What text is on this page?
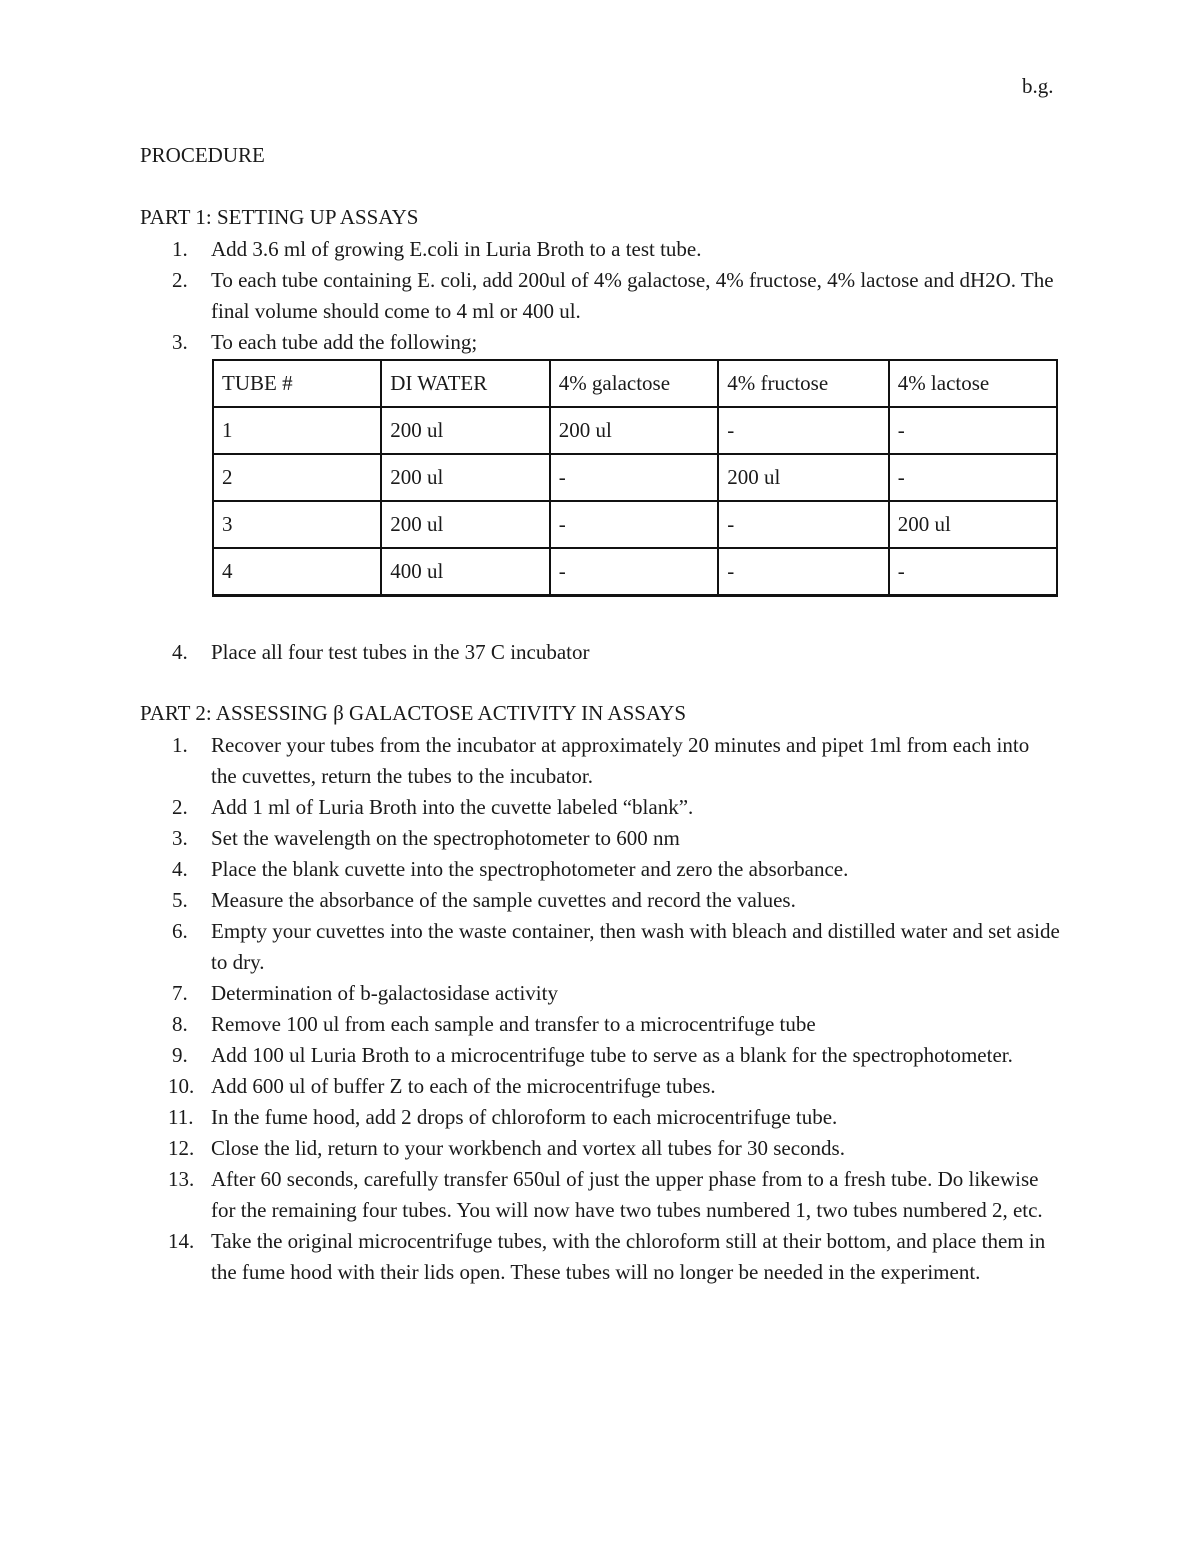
b.g.
PROCEDURE
PART 1: SETTING UP ASSAYS
1.	Add 3.6 ml of growing E.coli in Luria Broth to a test tube.
2.	To each tube containing E. coli, add 200ul of 4% galactose, 4% fructose, 4% lactose and dH2O. The final volume should come to 4 ml or 400 ul.
3.	To each tube add the following;
TUBE #	DI WATER	4% galactose	4% fructose	4% lactose
1	200 ul	200 ul	-	-
2	200 ul	-	200 ul	-
3	200 ul	-	-	200 ul
4	400 ul	-	-	-
4.	Place all four test tubes in the 37 C incubator
PART 2: ASSESSING β GALACTOSE ACTIVITY IN ASSAYS
1.	Recover your tubes from the incubator at approximately 20 minutes and pipet 1ml from each into the cuvettes, return the tubes to the incubator.
2.	Add 1 ml of Luria Broth into the cuvette labeled “blank”.
3.	Set the wavelength on the spectrophotometer to 600 nm
4.	Place the blank cuvette into the spectrophotometer and zero the absorbance.
5.	Measure the absorbance of the sample cuvettes and record the values.
6.	Empty your cuvettes into the waste container, then wash with bleach and distilled water and set aside to dry.
7.	Determination of b-galactosidase activity
8.	Remove 100 ul from each sample and transfer to a microcentrifuge tube
9.	Add 100 ul Luria Broth to a microcentrifuge tube to serve as a blank for the spectrophotometer.
10. Add 600 ul of buffer Z to each of the microcentrifuge tubes.
11. In the fume hood, add 2 drops of chloroform to each microcentrifuge tube.
12. Close the lid, return to your workbench and vortex all tubes for 30 seconds.
13. After 60 seconds, carefully transfer 650ul of just the upper phase from to a fresh tube. Do likewise for the remaining four tubes. You will now have two tubes numbered 1, two tubes numbered 2, etc.
14. Take the original microcentrifuge tubes, with the chloroform still at their bottom, and place them in the fume hood with their lids open. These tubes will no longer be needed in the experiment.
